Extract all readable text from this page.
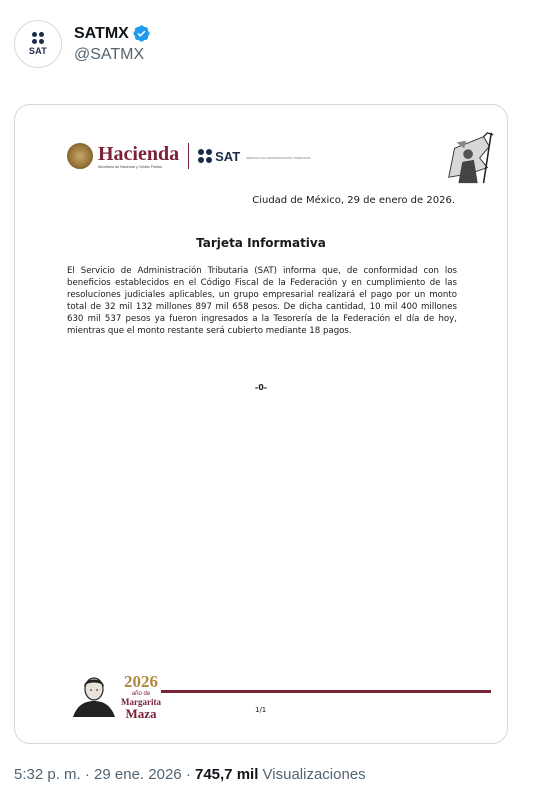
SAT
SATMX
@SATMX
Hacienda
Secretaría de Hacienda y Crédito Público
SAT SERVICIO DE ADMINISTRACIÓN TRIBUTARIA
Ciudad de México, 29 de enero de 2026.
Tarjeta Informativa
El Servicio de Administración Tributaria (SAT) informa que, de conformidad con los beneficios establecidos en el Código Fiscal de la Federación y en cumplimiento de las resoluciones judiciales aplicables, un grupo empresarial realizará el pago por un monto total de 32 mil 132 millones 897 mil 658 pesos. De dicha cantidad, 10 mil 400 millones 630 mil 537 pesos ya fueron ingresados a la Tesorería de la Federación el día de hoy, mientras que el monto restante será cubierto mediante 18 pagos.
-0-
2026
año de
Margarita
Maza	1/1
5:32 p. m. · 29 ene. 2026 · 745,7 mil Visualizaciones
